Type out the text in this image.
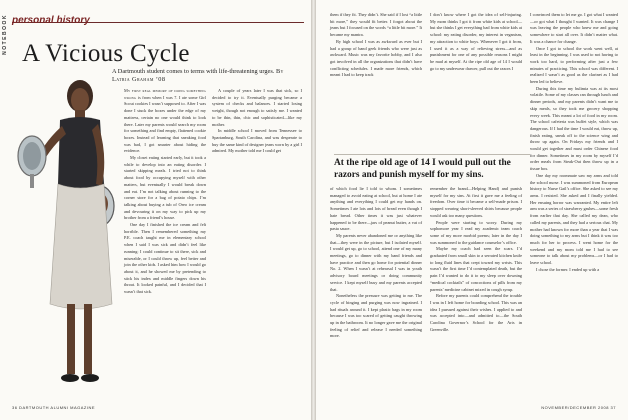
NOTEBOOK personal history
A Vicious Cycle
A Dartmouth student comes to terms with life-threatening urges. By Latria Graham ’08

My first real memory of doing something wrong is from when I was 7. I ate some Girl Scout cookies I wasn’t supposed to. After I was done I stuck the boxes under the edge of my mattress, certain no one would think to look there. Later my parents would search my room for something and find empty, flattened cookie boxes. Instead of learning that sneaking food was bad, I got smarter about hiding the evidence.

My closet eating started early, but it took a while to develop into an eating disorder. I started skipping meals. I tried not to think about food by occupying myself with other matters, but eventually I would break down and eat. I’m not talking about running to the corner store for a bag of potato chips. I’m talking about buying a tub of Oreo ice cream and devouring it on my way to pick up my brother from a friend’s house.

One day I finished the ice cream and felt horrible. Then I remembered something my P.E. coach taught me in elementary school when I said I was sick and didn’t feel like running: I could continue to sit there, sick and miserable, or I could throw up, feel better and join the other kids. I asked him how I would go about it, and he showed me by pretending to stick his index and middle fingers down his throat. It looked painful, and I decided that I wasn’t that sick.

A couple of years later I was that sick, so I decided to try it. Eventually purging became a system of checks and balances. I started losing weight, though not enough to satisfy me. I wanted to be thin, thin, chic and sophisticated—like my mother.

In middle school I moved from Tennessee to Spartanburg, South Carolina, and was desperate to buy the same kind of designer jeans worn by a girl I admired. My mother told me I could get

36 DARTMOUTH ALUMNI MAGAZINE

them if they fit. They didn’t. She said if I lost “a little bit more,” they would fit better. I forgot about the jeans but I focused on the words “a little bit more.” It became my mantra.

By high school I was as awkward as ever but I had a group of band geek friends who were just as awkward. Music was my favorite hobby, and I also got involved in all the organizations that didn’t have conflicting schedules. I made more friends, which meant I had to keep track

I don’t know where I got the idea of self-injuring. My mom thinks I got it from white kids at school—but she thinks I get everything bad from white kids at school: my eating disorder, my interest in veganism, my attraction to white boys. Whenever I got it from, I used it as a way of relieving stress—and as punishment for one of any possible reasons I might be mad at myself. At the ripe old age of 14 I would go to my underwear drawer, pull out the razors I

At the ripe old age of 14 I would pull out the razors and punish myself for my sins.

of which food lie I told to whom. I sometimes managed to avoid eating at school, but at home I ate anything and everything I could get my hands on. Sometimes I ate lots and lots of bread even though I hate bread. Other times it was just whatever happened to be there—jars of peanut butter, a vat of pasta sauce.

My parents never abandoned me or anything like that—they were in the picture, but I isolated myself. I would get up, go to school, attend one of my many meetings, go to dinner with my band friends and have practice and then go home for potential dinner No. 2. When I wasn’t at rehearsal I was in youth advisory board meetings or doing community service. I kept myself busy and my parents accepted that.

Nonetheless the pressure was getting to me. The cycle of binging and purging was now ingrained. I had rituals around it. I kept plastic bags in my room because I was too scared of getting caught throwing up in the bathroom. It no longer gave me the original feeling of relief and release I needed something more.

remember the brand—Helping Hand) and punish myself for my sins. At first it gave me a feeling of freedom. Over time it became a self-made prison. I stopped wearing short-sleeved shirts because people would ask too many questions.

People were starting to worry. During my sophomore year I read my academic team coach some of my more morbid poems; later in the day I was summoned to the guidance counselor’s office.

Maybe my coach had seen the scars. I’d graduated from small skin to a serrated kitchen knife to long fluid lines that crept toward my wrists. This wasn’t the first time I’d contemplated death, but the pain I’d wanted to do it to my sleep over downing “medical cocktails” of concoctions of pills from my parents’ medicine cabinet mixed in cough syrup.

Before my parents could comprehend the trouble I was in I left home for boarding school. This was an idea I pursued against their wishes. I applied to and was accepted into—and admitted to—the South Carolina Governor’s School for the Arts in Greenville.

I convinced them to let me go. I got what I wanted—or got what I thought I wanted. It was change I was leaving the people who knew me and going somewhere to start all over. It didn’t matter what. It was a chance for change.

Once I got to school the work went well, at least in the beginning. I was used to not having to work too hard, to performing after just a few minutes of practicing. This school was different. I realized I wasn’t as good as the clarinet as I had been led to believe.

During this time my bulimia was at its most volatile. Some of my classes ran through lunch and dinner periods, and my parents didn’t want me to skip meals, so they took me grocery shopping every week. This meant a lot of food in my room. The school cafeteria was buffet style, which was dangerous. If I had the time I would eat, throw up, finish eating, sneak off to the science wing and throw up again. On Fridays my friends and I would get together and must order Chinese food for dinner. Sometimes in my room by myself I’d order meals from Steak-Out then throw up in a tissue box.

One day my roommate saw my arms and told the school nurse. I was summoned from European history to Nurse Gail’s office. She asked to see my arms. I resisted. She asked and I finally yielded. Her ensuing horror was warranted. My entire left arm was a series of strawberry gashes—some fresh from earlier that day. She called my dean, who called my parents, and they had a serious chat. My mother had known for more than a year that I was doing something to my arms but I think it was too much for her to process. I went home for the weekend and my mom told me I had to see someone to talk about my problems—or I had to leave school.

I chose the former. I ended up with a

NOVEMBER/DECEMBER 2008 37
